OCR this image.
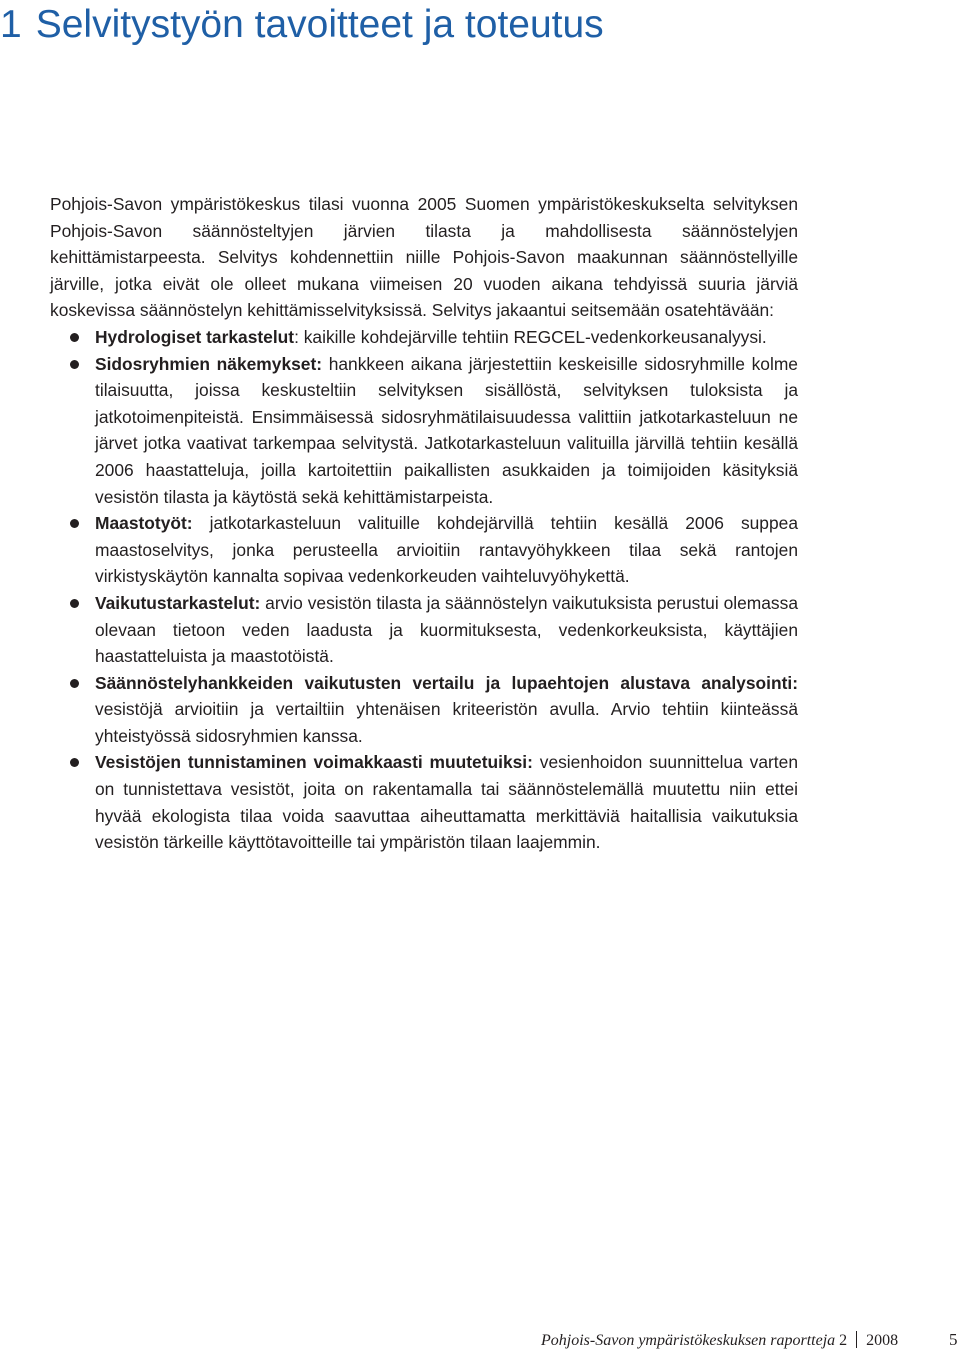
1 Selvitystyön tavoitteet ja toteutus

Pohjois-Savon ympäristökeskus tilasi vuonna 2005 Suomen ympäristökeskukselta selvityksen Pohjois-Savon säännösteltyjen järvien tilasta ja mahdollisesta säännöstelyjen kehittämistarpeesta. Selvitys kohdennettiin niille Pohjois-Savon maakunnan säännöstellyille järville, jotka eivät ole olleet mukana viimeisen 20 vuoden aikana tehdyissä suuria järviä koskevissa säännöstelyn kehittämisselvityksissä. Selvitys jakaantui seitsemään osatehtävään:

Hydrologiset tarkastelut: kaikille kohdejärville tehtiin REGCEL-vedenkorkeusanalyysi.
Sidosryhmien näkemykset: hankkeen aikana järjestettiin keskeisille sidosryhmille kolme tilaisuutta, joissa keskusteltiin selvityksen sisällöstä, selvityksen tuloksista ja jatkotoimenpiteistä. Ensimmäisessä sidosryhmätilaisuudessa valittiin jatkotarkasteluun ne järvet jotka vaativat tarkempaa selvitystä. Jatkotarkasteluun valituilla järvillä tehtiin kesällä 2006 haastatteluja, joilla kartoitettiin paikallisten asukkaiden ja toimijoiden käsityksiä vesistön tilasta ja käytöstä sekä kehittämistarpeista.
Maastotyöt: jatkotarkasteluun valituille kohdejärvillä tehtiin kesällä 2006 suppea maastoselvitys, jonka perusteella arvioitiin rantavyöhykkeen tilaa sekä rantojen virkistyskäytön kannalta sopivaa vedenkorkeuden vaihteluvyöhykettä.
Vaikutustarkastelut: arvio vesistön tilasta ja säännöstelyn vaikutuksista perustui olemassa olevaan tietoon veden laadusta ja kuormituksesta, vedenkorkeuksista, käyttäjien haastatteluista ja maastotöistä.
Säännöstelyhankkeiden vaikutusten vertailu ja lupaehtojen alustava analysointi: vesistöjä arvioitiin ja vertailtiin yhtenäisen kriteeristön avulla. Arvio tehtiin kiinteässä yhteistyössä sidosryhmien kanssa.
Vesistöjen tunnistaminen voimakkaasti muutetuiksi: vesienhoidon suunnittelua varten on tunnistettava vesistöt, joita on rakentamalla tai säännöstelemällä muutettu niin ettei hyvää ekologista tilaa voida saavuttaa aiheuttamatta merkittäviä haitallisia vaikutuksia vesistön tärkeille käyttötavoitteille tai ympäristön tilaan laajemmin.
Pohjois-Savon ympäristökeskuksen raportteja 2 2008	5
